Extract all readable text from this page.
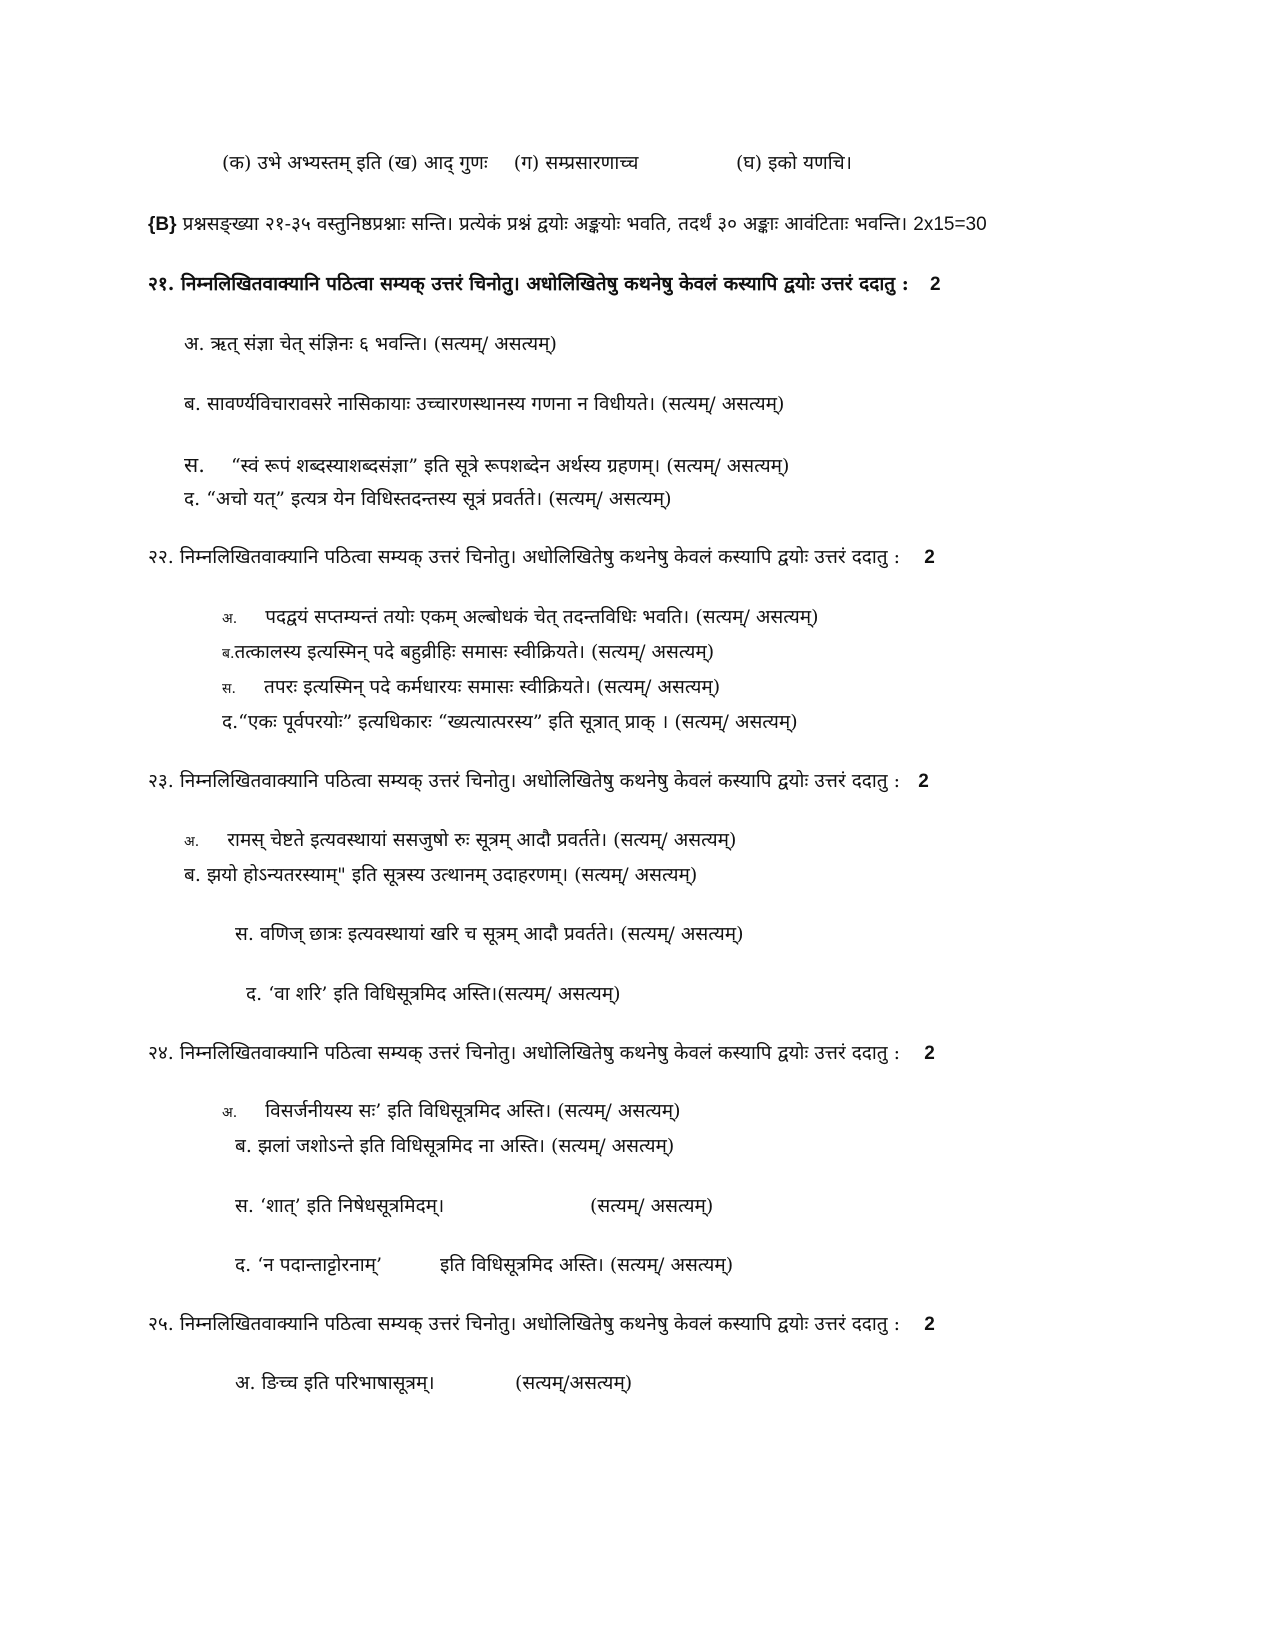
(क) उभे अभ्यस्तम् इति (ख) आद् गुणः (ग) सम्प्रसारणाच्च	(घ) इको यणचि।
{B} प्रश्नसङ्ख्या २१-३५ वस्तुनिष्ठप्रश्नाः सन्ति। प्रत्येकं प्रश्नं द्वयोः अङ्कयोः भवति, तदर्थं ३० अङ्काः आवंटिताः भवन्ति। 2x15=30
२१. निम्नलिखितवाक्यानि पठित्वा सम्यक् उत्तरं चिनोतु। अधोलिखितेषु कथनेषु केवलं कस्यापि द्वयोः उत्तरं ददातु : 2
अ. ऋत् संज्ञा चेत् संज्ञिनः ६ भवन्ति। (सत्यम्/ असत्यम्)
ब. सावर्ण्यविचारावसरे नासिकायाः उच्चारणस्थानस्य गणना न विधीयते। (सत्यम्/ असत्यम्)
स. “स्वं रूपं शब्दस्याशब्दसंज्ञा” इति सूत्रे रूपशब्देन अर्थस्य ग्रहणम्। (सत्यम्/ असत्यम्)
द. “अचो यत्” इत्यत्र येन विधिस्तदन्तस्य सूत्रं प्रवर्तते। (सत्यम्/ असत्यम्)
२२. निम्नलिखितवाक्यानि पठित्वा सम्यक् उत्तरं चिनोतु। अधोलिखितेषु कथनेषु केवलं कस्यापि द्वयोः उत्तरं ददातु : 2
अ. पदद्वयं सप्तम्यन्तं तयोः एकम् अल्बोधकं चेत् तदन्तविधिः भवति। (सत्यम्/ असत्यम्)
ब.तत्कालस्य इत्यस्मिन् पदे बहुव्रीहिः समासः स्वीक्रियते। (सत्यम्/ असत्यम्)
स. तपरः इत्यस्मिन् पदे कर्मधारयः समासः स्वीक्रियते। (सत्यम्/ असत्यम्)
द.“एकः पूर्वपरयोः” इत्यधिकारः “ख्यत्यात्परस्य” इति सूत्रात् प्राक् । (सत्यम्/ असत्यम्)
२३. निम्नलिखितवाक्यानि पठित्वा सम्यक् उत्तरं चिनोतु। अधोलिखितेषु कथनेषु केवलं कस्यापि द्वयोः उत्तरं ददातु : 2
अ. रामस् चेष्टते इत्यवस्थायां ससजुषो रुः सूत्रम् आदौ प्रवर्तते। (सत्यम्/ असत्यम्)
ब. झयो होऽन्यतरस्याम्" इति सूत्रस्य उत्थानम् उदाहरणम्। (सत्यम्/ असत्यम्)
स. वणिज् छात्रः इत्यवस्थायां खरि च सूत्रम् आदौ प्रवर्तते। (सत्यम्/ असत्यम्)
द. ‘वा शरि’ इति विधिसूत्रमिद अस्ति।(सत्यम्/ असत्यम्)
२४. निम्नलिखितवाक्यानि पठित्वा सम्यक् उत्तरं चिनोतु। अधोलिखितेषु कथनेषु केवलं कस्यापि द्वयोः उत्तरं ददातु : 2
अ. विसर्जनीयस्य सः’ इति विधिसूत्रमिद अस्ति। (सत्यम्/ असत्यम्)
ब. झलां जशोऽन्ते इति विधिसूत्रमिद ना अस्ति। (सत्यम्/ असत्यम्)
स. ‘शात्’ इति निषेधसूत्रमिदम्।	(सत्यम्/ असत्यम्)
द. ‘न पदान्ताट्टोरनाम्’	इति विधिसूत्रमिद अस्ति। (सत्यम्/ असत्यम्)
२५. निम्नलिखितवाक्यानि पठित्वा सम्यक् उत्तरं चिनोतु। अधोलिखितेषु कथनेषु केवलं कस्यापि द्वयोः उत्तरं ददातु : 2
अ. ङिच्च इति परिभाषासूत्रम्।	(सत्यम्/असत्यम्)
